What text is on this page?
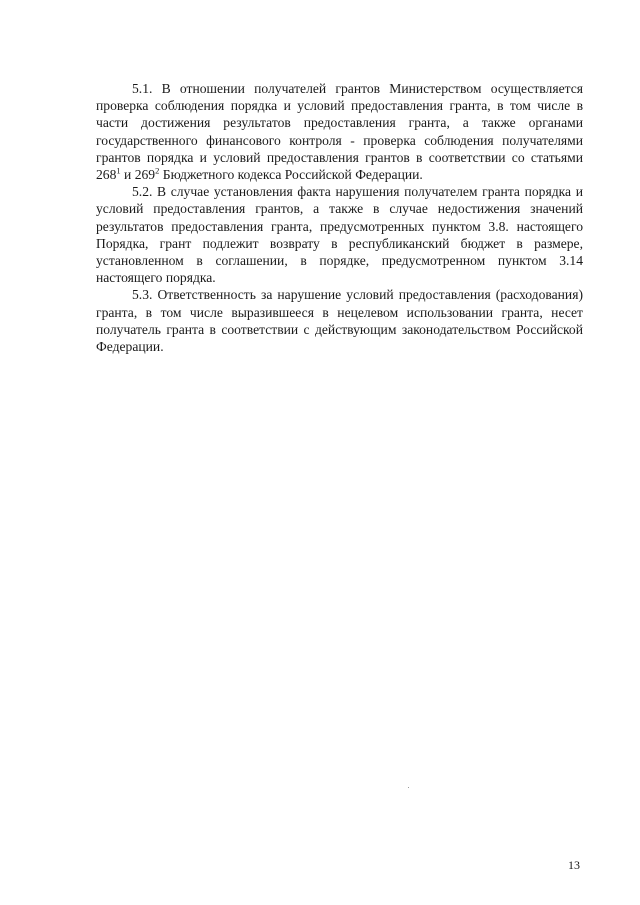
5.1. В отношении получателей грантов Министерством осуществляется проверка соблюдения порядка и условий предоставления гранта, в том числе в части достижения результатов предоставления гранта, а также органами государственного финансового контроля - проверка соблюдения получателями грантов порядка и условий предоставления грантов в соответствии со статьями $268^1$ и $269^2$ Бюджетного кодекса Российской Федерации.

5.2. В случае установления факта нарушения получателем гранта порядка и условий предоставления грантов, а также в случае недостижения значений результатов предоставления гранта, предусмотренных пунктом 3.8. настоящего Порядка, грант подлежит возврату в республиканский бюджет в размере, установленном в соглашении, в порядке, предусмотренном пунктом 3.14 настоящего порядка.

5.3. Ответственность за нарушение условий предоставления (расходования) гранта, в том числе выразившееся в нецелевом использовании гранта, несет получатель гранта в соответствии с действующим законодательством Российской Федерации.

13
